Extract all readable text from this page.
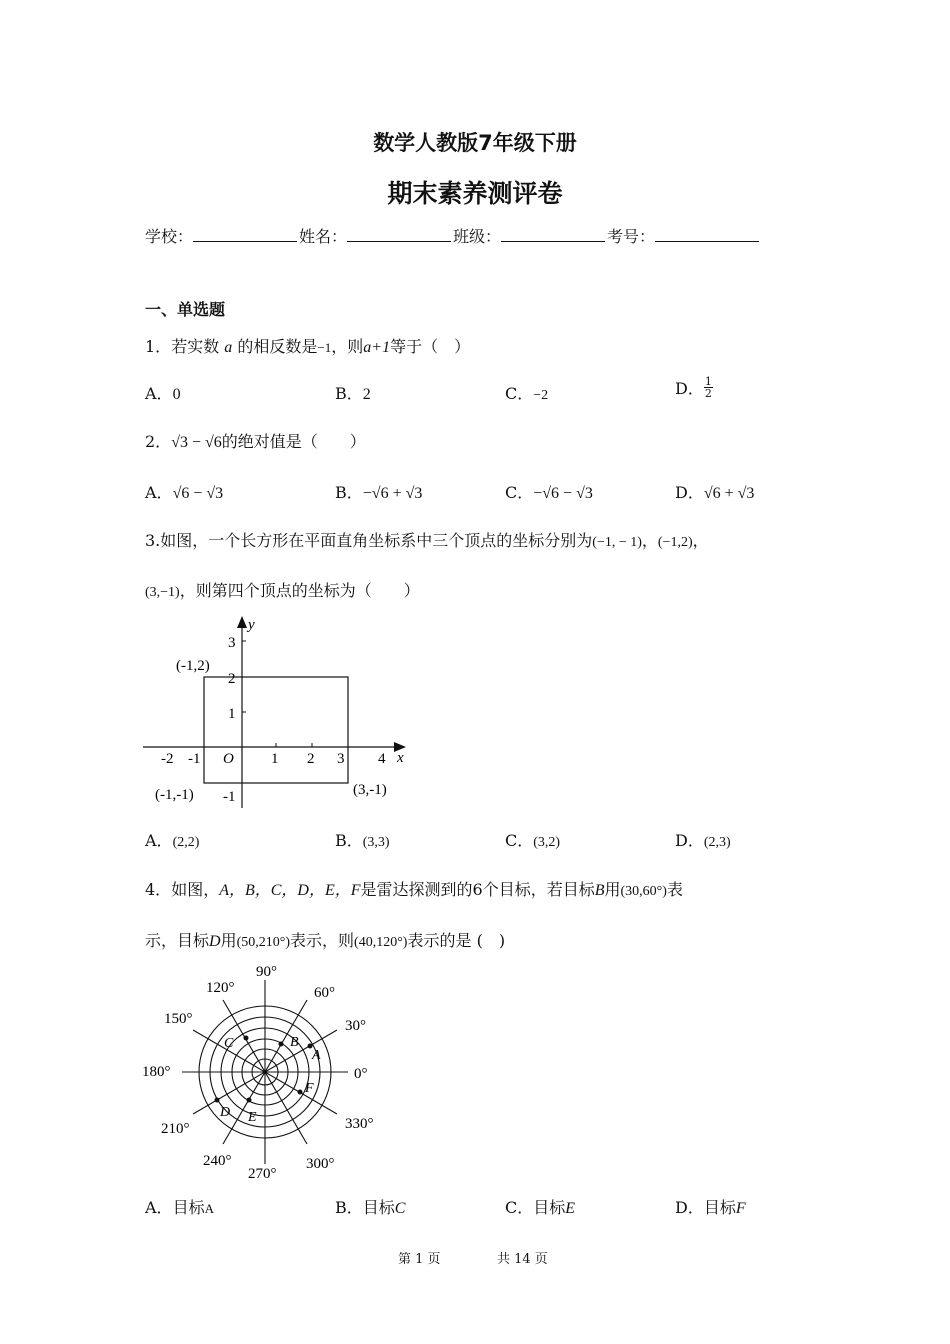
数学人教版7年级下册
期末素养测评卷
学校：	姓名：	班级：	考号：
一、单选题
1．若实数 a 的相反数是−1，则a+1等于（　）
A．0	B．2	C．−2	D． $\frac{1}{2}$
2．√3 − √6的绝对值是（　　）
A．√6 − √3	B．−√6 + √3	C．−√6 − √3	D．√6 + √3
3.如图，一个长方形在平面直角坐标系中三个顶点的坐标分别为(−1, − 1)，(−1,2)，
(3,−1)，则第四个顶点的坐标为（　　）
x
y
O
-2 -1	1 2 3 4
3
2
1
-1
(-1,2)
(-1,-1)	(3,-1)
A．(2,2)	B．(3,3)	C．(3,2)	D．(2,3)
4．如图，A，B，C，D，E，F是雷达探测到的6个目标，若目标B用(30,60°)表
示，目标D用(50,210°)表示，则(40,120°)表示的是 (　)
90°
60°
30°
0°
330°
300°
270°
240°
210°
180°
150°
120°
A
B
C
D E
F
A．目标A	B．目标C	C．目标E	D．目标F
第 1 页	共 14 页
